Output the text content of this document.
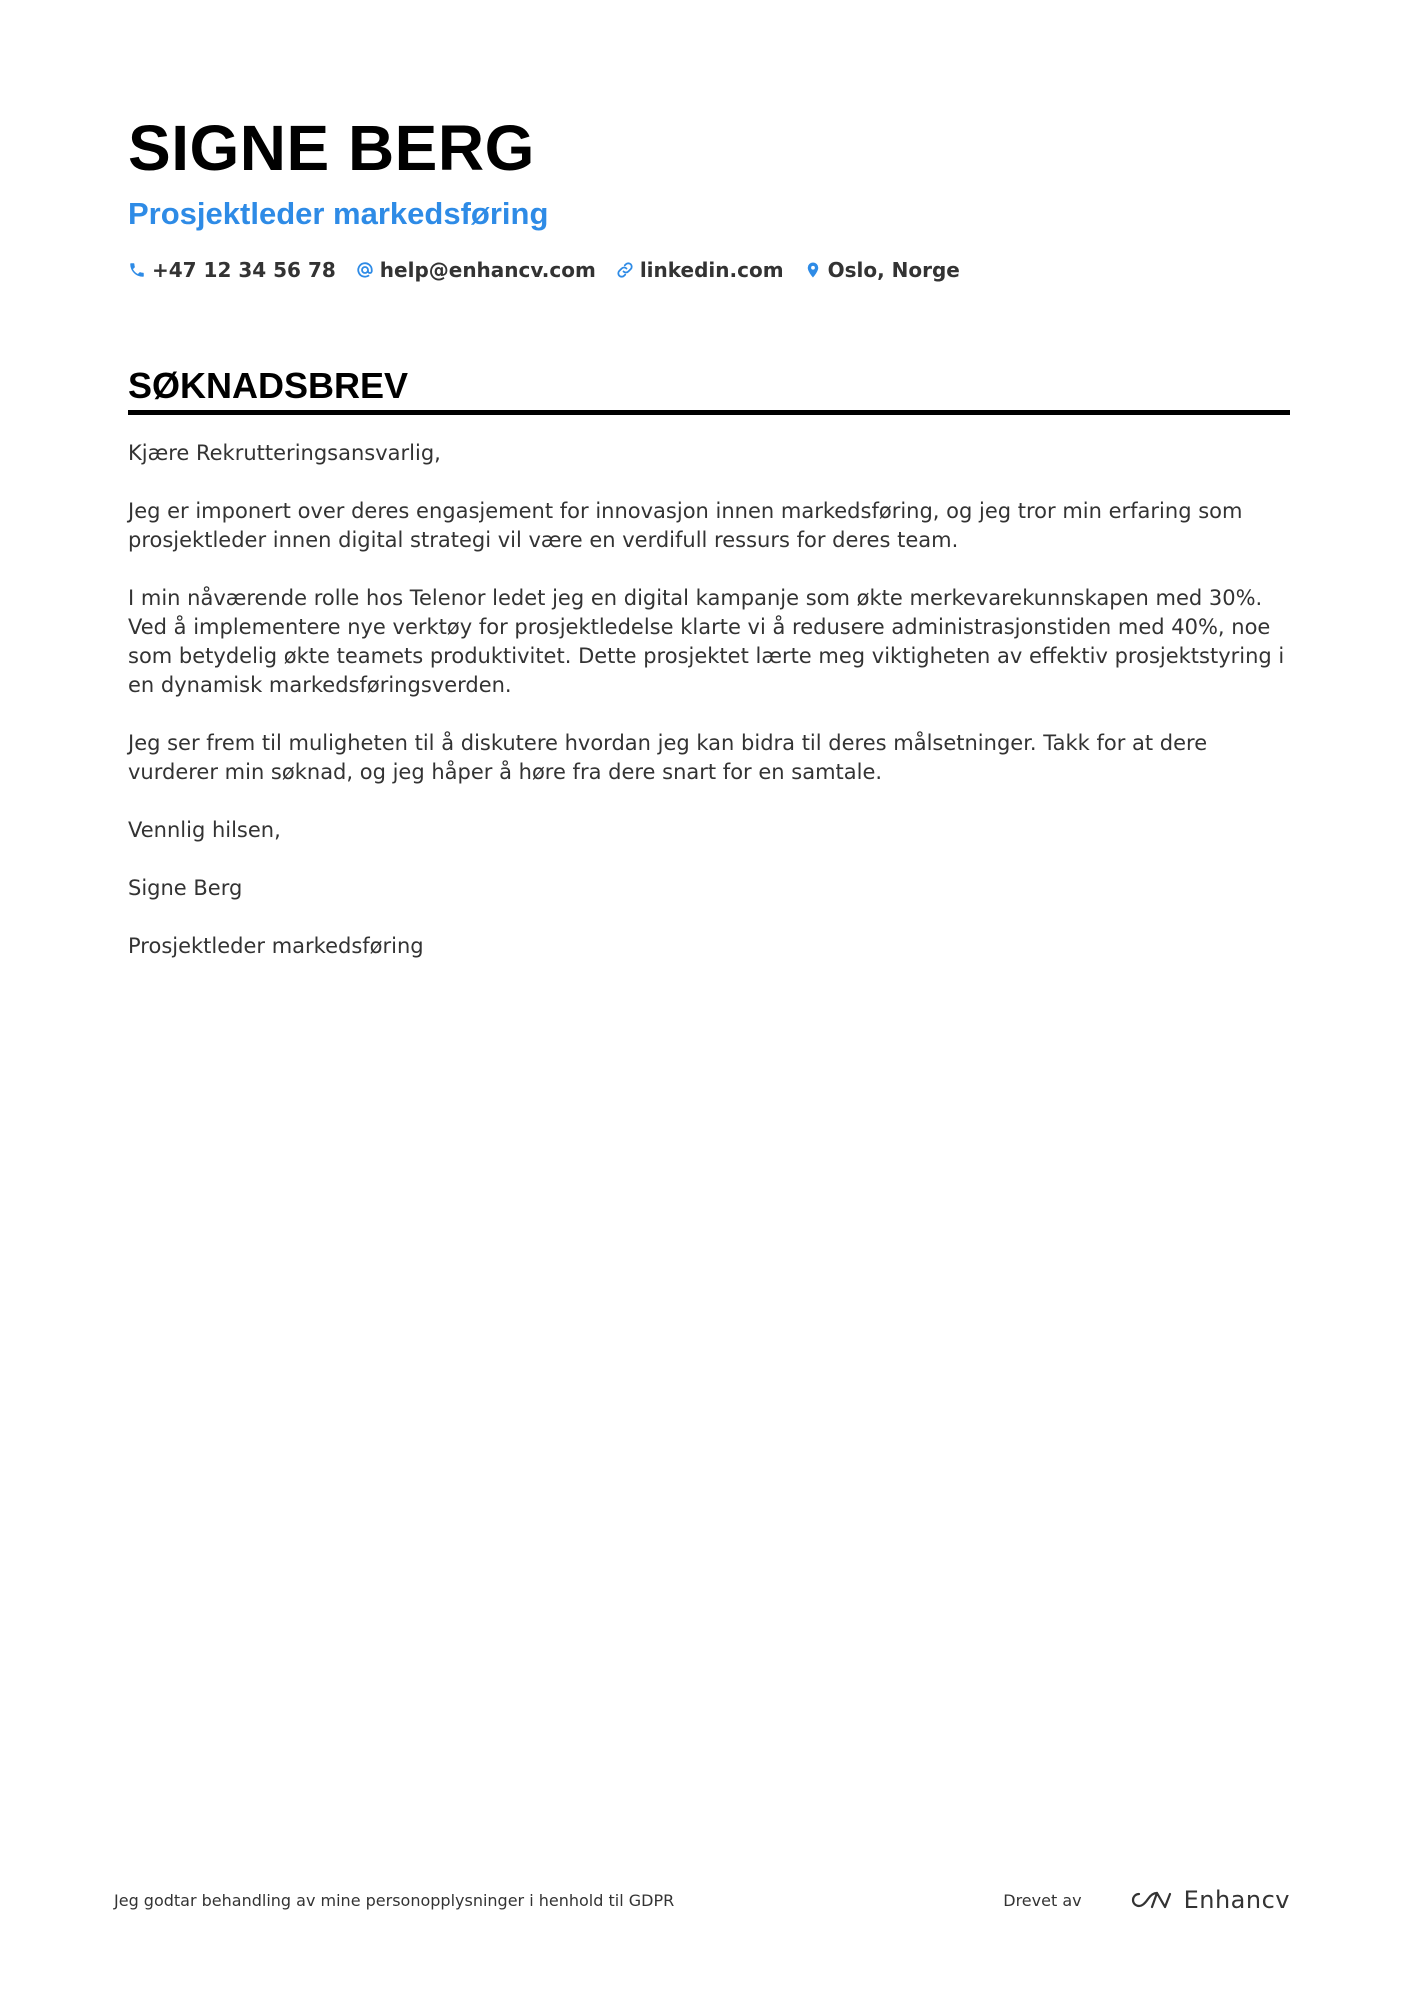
SIGNE BERG
Prosjektleder markedsføring
+47 12 34 56 78 help@enhancv.com linkedin.com Oslo, Norge
SØKNADSBREV

Kjære Rekrutteringsansvarlig,

Jeg er imponert over deres engasjement for innovasjon innen markedsføring, og jeg tror min erfaring som prosjektleder innen digital strategi vil være en verdifull ressurs for deres team.

I min nåværende rolle hos Telenor ledet jeg en digital kampanje som økte merkevarekunnskapen med 30%. Ved å implementere nye verktøy for prosjektledelse klarte vi å redusere administrasjonstiden med 40%, noe som betydelig økte teamets produktivitet. Dette prosjektet lærte meg viktigheten av effektiv prosjektstyring i en dynamisk markedsføringsverden.

Jeg ser frem til muligheten til å diskutere hvordan jeg kan bidra til deres målsetninger. Takk for at dere vurderer min søknad, og jeg håper å høre fra dere snart for en samtale.

Vennlig hilsen,

Signe Berg

Prosjektleder markedsføring

Jeg godtar behandling av mine personopplysninger i henhold til GDPR	Drevet av	Enhancv
